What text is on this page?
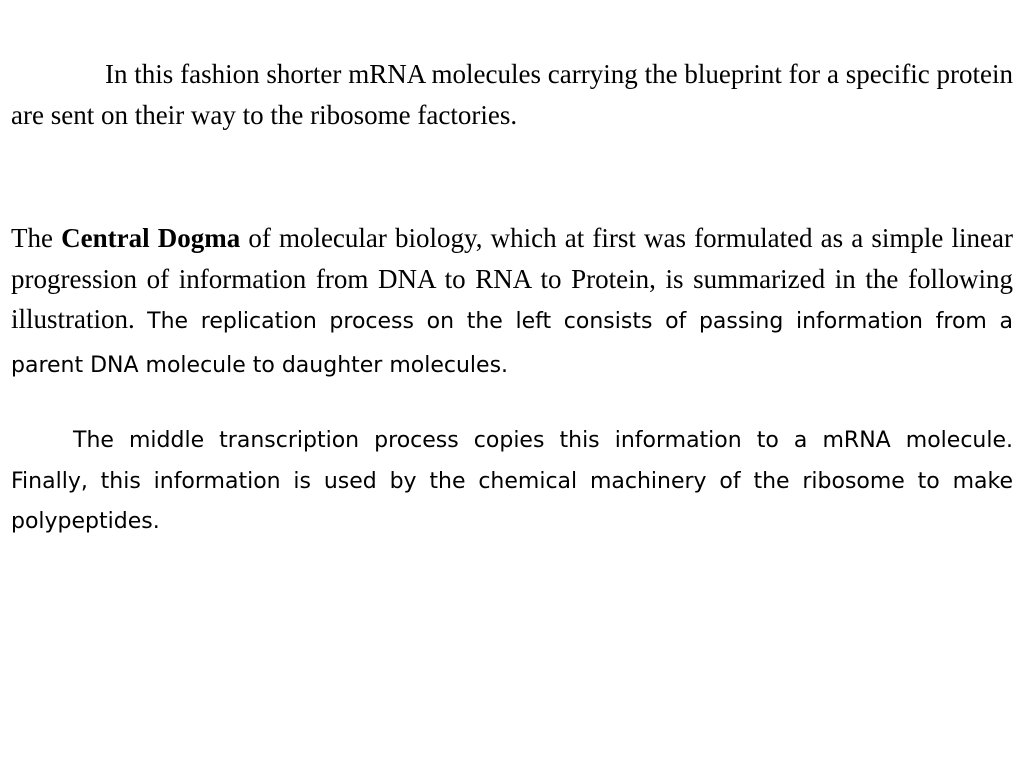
In this fashion shorter mRNA molecules carrying the blueprint for a specific protein are sent on their way to the ribosome factories.

The Central Dogma of molecular biology, which at first was formulated as a simple linear progression of information from DNA to RNA to Protein, is summarized in the following illustration. The replication process on the left consists of passing information from a parent DNA molecule to daughter molecules.

The middle transcription process copies this information to a mRNA molecule. Finally, this information is used by the chemical machinery of the ribosome to make polypeptides.
